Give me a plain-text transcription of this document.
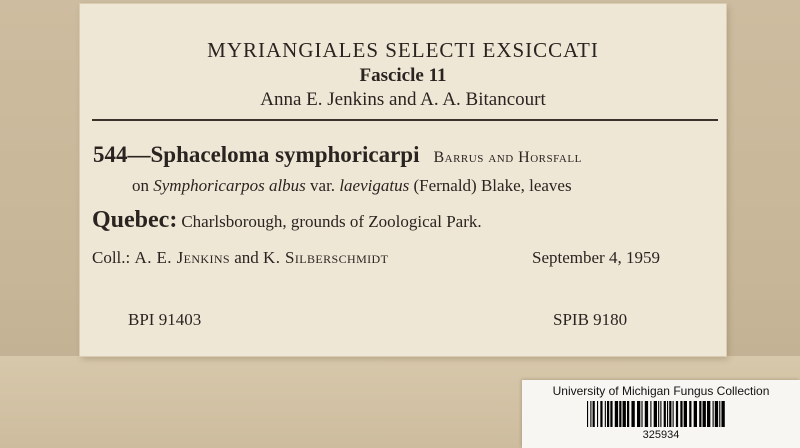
MYRIANGIALES SELECTI EXSICCATI
Fascicle 11
Anna E. Jenkins and A. A. Bitancourt
544—Sphaceloma symphoricarpi Barrus and Horsfall
on Symphoricarpos albus var. laevigatus (Fernald) Blake, leaves
Quebec: Charlsborough, grounds of Zoological Park.
Coll.: A. E. Jenkins and K. Silberschmidt	September 4, 1959
BPI 91403	SPIB 9180
University of Michigan Fungus Collection
325934
